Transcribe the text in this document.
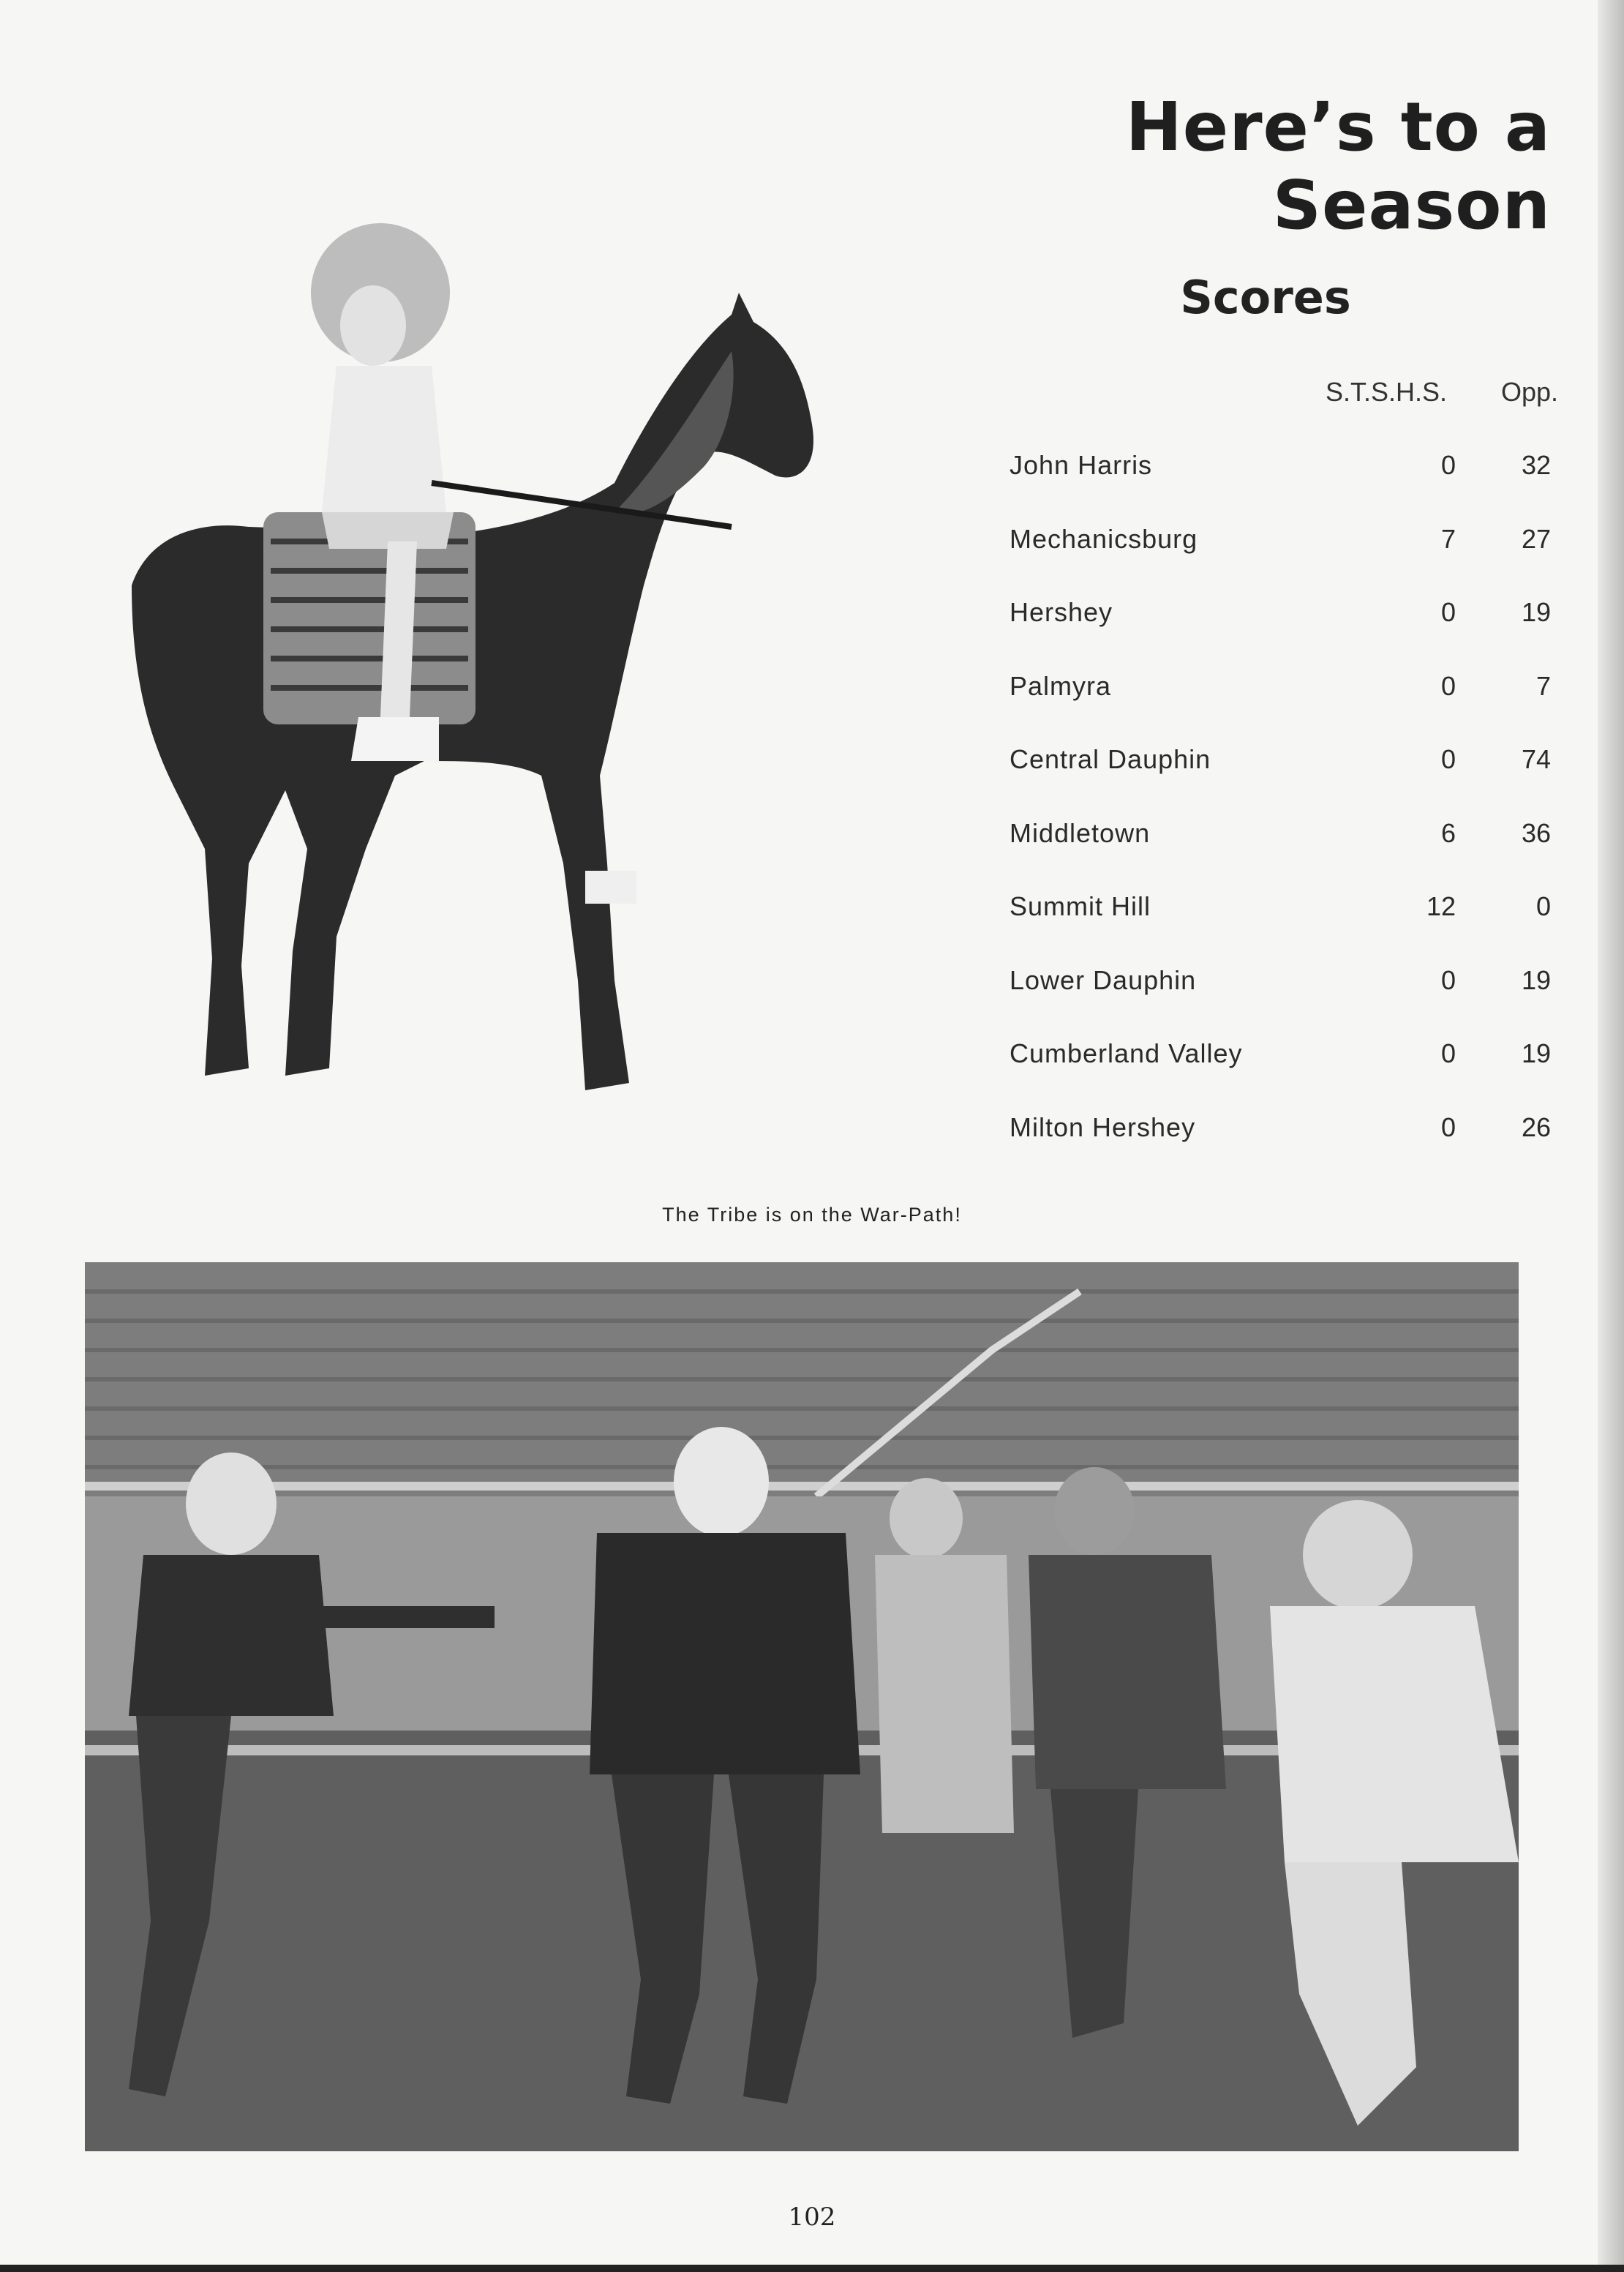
Here’s to a Season
Scores
S.T.S.H.S. Opp.
John Harris	0	32
Mechanicsburg	7	27
Hershey	0	19
Palmyra	0	7
Central Dauphin	0	74
Middletown	6	36
Summit Hill	12	0
Lower Dauphin	0	19
Cumberland Valley	0	19
Milton Hershey	0	26
The Tribe is on the War-Path!
102
